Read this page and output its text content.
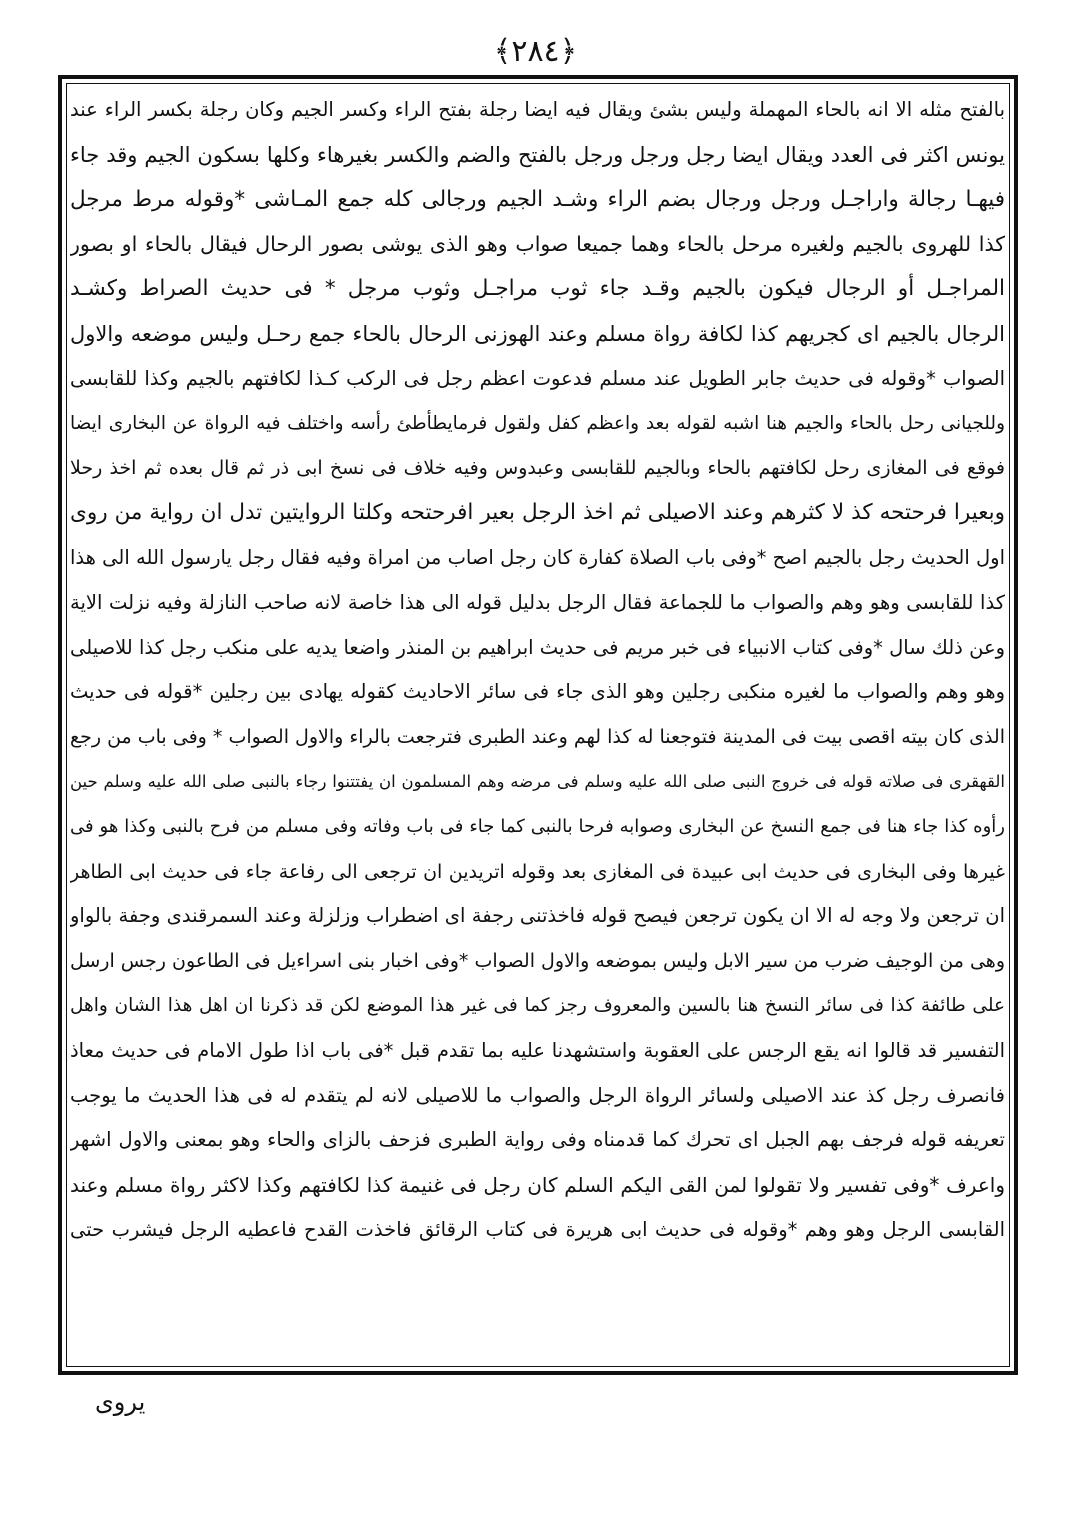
﴿٢٨٤﴾
بالفتح مثله الا انه بالحاء المهملة وليس بشئ ويقال فيه ايضا رجلة بفتح الراء وكسر الجيم وكان رجلة بكسر الراء عند
يونس اكثر فى العدد ويقال ايضا رجل ورجل ورجل بالفتح والضم والكسر بغيرهاء وكلها بسكون الجيم وقد جاء
فيهـا رجالة واراجـل ورجل ورجال بضم الراء وشـد الجيم ورجالى كله جمع المـاشى *وقوله مرط مرجل
كذا للهروى بالجيم ولغيره مرحل بالحاء وهما جميعا صواب وهو الذى يوشى بصور الرحال فيقال بالحاء او بصور
المراجـل أو الرجال فيكون بالجيم وقـد جاء ثوب مراجـل وثوب مرجل * فى حديث الصراط وكشـد
الرجال بالجيم اى كجريهم كذا لكافة رواة مسلم وعند الهوزنى الرحال بالحاء جمع رحـل وليس موضعه والاول
الصواب *وقوله فى حديث جابر الطويل عند مسلم فدعوت اعظم رجل فى الركب كـذا لكافتهم بالجيم وكذا للقابسى
وللجيانى رحل بالحاء والجيم هنا اشبه لقوله بعد واعظم كفل ولقول فرمايطأطئ رأسه واختلف فيه الرواة عن البخارى ايضا
فوقع فى المغازى رحل لكافتهم بالحاء وبالجيم للقابسى وعبدوس وفيه خلاف فى نسخ ابى ذر ثم قال بعده ثم اخذ رحلا
وبعيرا فرحتحه كذ لا كثرهم وعند الاصيلى ثم اخذ الرجل بعير افرحتحه وكلتا الروايتين تدل ان رواية من روى
اول الحديث رجل بالجيم اصح *وفى باب الصلاة كفارة كان رجل اصاب من امراة وفيه فقال رجل يارسول الله الى هذا
كذا للقابسى وهو وهم والصواب ما للجماعة فقال الرجل بدليل قوله الى هذا خاصة لانه صاحب النازلة وفيه نزلت الاية
وعن ذلك سال *وفى كتاب الانبياء فى خبر مريم فى حديث ابراهيم بن المنذر واضعا يديه على منكب رجل كذا للاصيلى
وهو وهم والصواب ما لغيره منكبى رجلين وهو الذى جاء فى سائر الاحاديث كقوله يهادى بين رجلين *قوله فى حديث
الذى كان بيته اقصى بيت فى المدينة فتوجعنا له كذا لهم وعند الطبرى فترجعت بالراء والاول الصواب * وفى باب من رجع
القهقرى فى صلاته قوله فى خروج النبى صلى الله عليه وسلم فى مرضه وهم المسلمون ان يفتتنوا رجاء بالنبى صلى الله عليه وسلم حين
رأوه كذا جاء هنا فى جمع النسخ عن البخارى وصوابه فرحا بالنبى كما جاء فى باب وفاته وفى مسلم من فرح بالنبى وكذا هو فى
غيرها وفى البخارى فى حديث ابى عبيدة فى المغازى بعد وقوله اتريدين ان ترجعى الى رفاعة جاء فى حديث ابى الطاهر
ان ترجعن ولا وجه له الا ان يكون ترجعن فيصح قوله فاخذتنى رجفة اى اضطراب وزلزلة وعند السمرقندى وجفة بالواو
وهى من الوجيف ضرب من سير الابل وليس بموضعه والاول الصواب *وفى اخبار بنى اسراءيل فى الطاعون رجس ارسل
على طائفة كذا فى سائر النسخ هنا بالسين والمعروف رجز كما فى غير هذا الموضع لكن قد ذكرنا ان اهل هذا الشان واهل
التفسير قد قالوا انه يقع الرجس على العقوبة واستشهدنا عليه بما تقدم قبل *فى باب اذا طول الامام فى حديث معاذ
فانصرف رجل كذ عند الاصيلى ولسائر الرواة الرجل والصواب ما للاصيلى لانه لم يتقدم له فى هذا الحديث ما يوجب
تعريفه قوله فرجف بهم الجبل اى تحرك كما قدمناه وفى رواية الطبرى فزحف بالزاى والحاء وهو بمعنى والاول اشهر
واعرف *وفى تفسير ولا تقولوا لمن القى اليكم السلم كان رجل فى غنيمة كذا لكافتهم وكذا لاكثر رواة مسلم وعند
القابسى الرجل وهو وهم *وقوله فى حديث ابى هريرة فى كتاب الرقائق فاخذت القدح فاعطيه الرجل فيشرب حتى
يروى
